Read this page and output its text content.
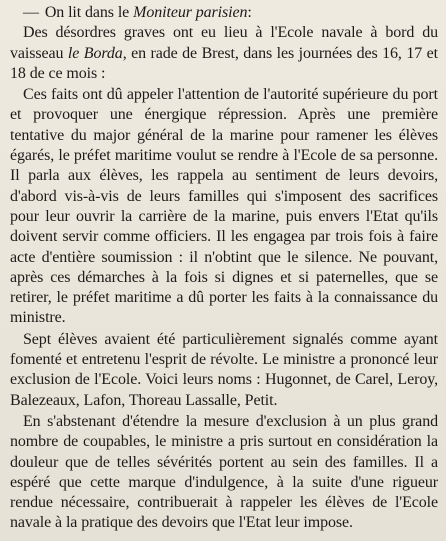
— On lit dans le Moniteur parisien:

Des désordres graves ont eu lieu à l'Ecole navale à bord du vaisseau le Borda, en rade de Brest, dans les journées des 16, 17 et 18 de ce mois :

Ces faits ont dû appeler l'attention de l'autorité supérieure du port et provoquer une énergique répression. Après une première tentative du major général de la marine pour ramener les élèves égarés, le préfet maritime voulut se rendre à l'Ecole de sa personne. Il parla aux élèves, les rappela au sentiment de leurs devoirs, d'abord vis-à-vis de leurs familles qui s'imposent des sacrifices pour leur ouvrir la carrière de la marine, puis envers l'Etat qu'ils doivent servir comme officiers. Il les engagea par trois fois à faire acte d'entière soumission : il n'obtint que le silence. Ne pouvant, après ces démarches à la fois si dignes et si paternelles, que se retirer, le préfet maritime a dû porter les faits à la connaissance du ministre.

Sept élèves avaient été particulièrement signalés comme ayant fomenté et entretenu l'esprit de révolte. Le ministre a prononcé leur exclusion de l'Ecole. Voici leurs noms : Hugonnet, de Carel, Leroy, Balezeaux, Lafon, Thoreau Lassalle, Petit.

En s'abstenant d'étendre la mesure d'exclusion à un plus grand nombre de coupables, le ministre a pris surtout en considération la douleur que de telles sévérités portent au sein des familles. Il a espéré que cette marque d'indulgence, à la suite d'une rigueur rendue nécessaire, contribuerait à rappeler les élèves de l'Ecole navale à la pratique des devoirs que l'Etat leur impose.
